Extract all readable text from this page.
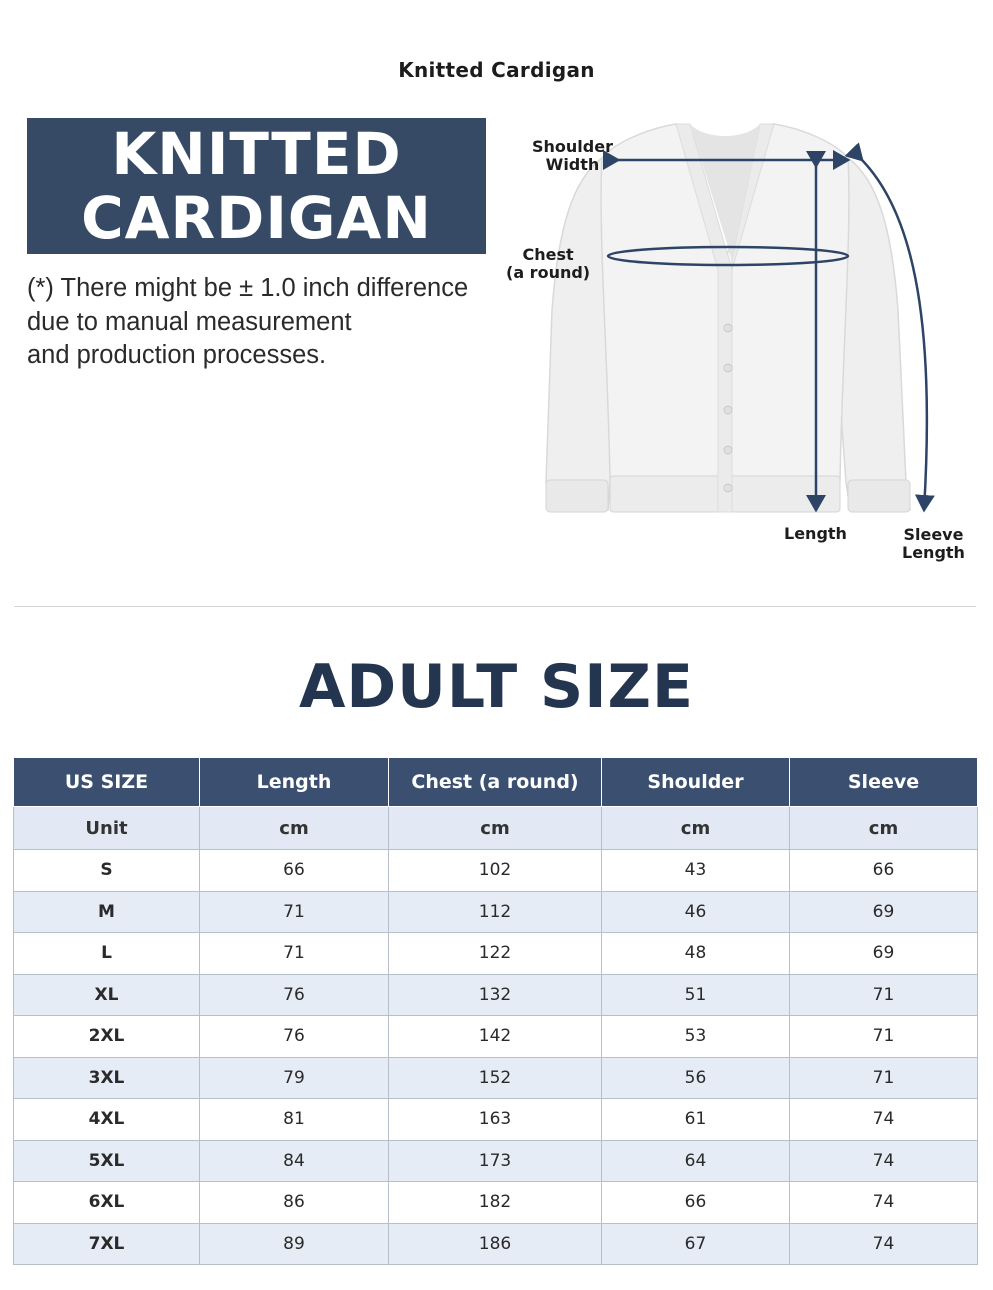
Knitted Cardigan
KNITTED
CARDIGAN
(*) There might be ± 1.0 inch difference
due to manual measurement
and production processes.
Shoulder
Width
Chest
(a round)
Length	Sleeve
Length
ADULT SIZE
US SIZE	Length	Chest (a round)	Shoulder	Sleeve
Unit	cm	cm	cm	cm
S	66	102	43	66
M	71	112	46	69
L	71	122	48	69
XL	76	132	51	71
2XL	76	142	53	71
3XL	79	152	56	71
4XL	81	163	61	74
5XL	84	173	64	74
6XL	86	182	66	74
7XL	89	186	67	74
